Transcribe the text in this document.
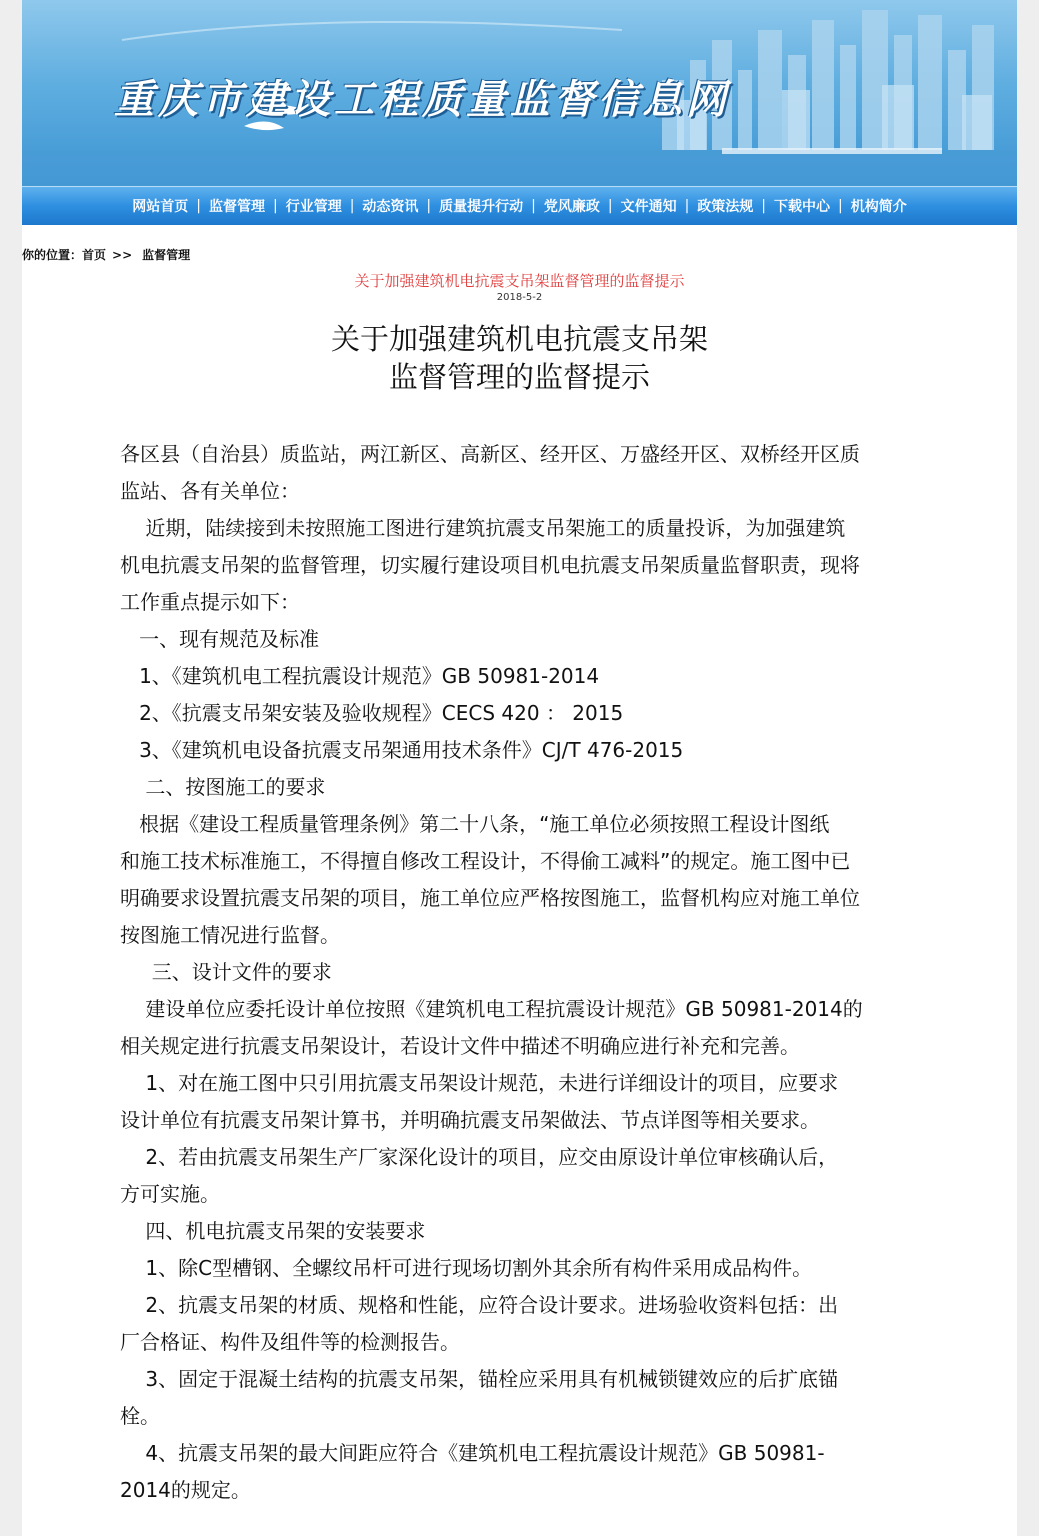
重庆市建设工程质量监督信息网
网站首页 | 监督管理 | 行业管理 | 动态资讯 | 质量提升行动 | 党风廉政 | 文件通知 | 政策法规 | 下载中心 | 机构简介
你的位置：首页 >> 监督管理
关于加强建筑机电抗震支吊架监督管理的监督提示
2018-5-2
关于加强建筑机电抗震支吊架
监督管理的监督提示
各区县（自治县）质监站，两江新区、高新区、经开区、万盛经开区、双桥经开区质
监站、各有关单位：
近期，陆续接到未按照施工图进行建筑抗震支吊架施工的质量投诉，为加强建筑
机电抗震支吊架的监督管理，切实履行建设项目机电抗震支吊架质量监督职责，现将
工作重点提示如下：
一、现有规范及标准
1、《建筑机电工程抗震设计规范》GB 50981-2014
2、《抗震支吊架安装及验收规程》CECS 420 ： 2015
3、《建筑机电设备抗震支吊架通用技术条件》CJ/T 476-2015
二、按图施工的要求
根据《建设工程质量管理条例》第二十八条，“施工单位必须按照工程设计图纸
和施工技术标准施工，不得擅自修改工程设计，不得偷工减料”的规定。施工图中已
明确要求设置抗震支吊架的项目，施工单位应严格按图施工，监督机构应对施工单位
按图施工情况进行监督。
三、设计文件的要求
建设单位应委托设计单位按照《建筑机电工程抗震设计规范》GB 50981-2014的
相关规定进行抗震支吊架设计，若设计文件中描述不明确应进行补充和完善。
1、对在施工图中只引用抗震支吊架设计规范，未进行详细设计的项目，应要求
设计单位有抗震支吊架计算书，并明确抗震支吊架做法、节点详图等相关要求。
2、若由抗震支吊架生产厂家深化设计的项目，应交由原设计单位审核确认后，
方可实施。
四、机电抗震支吊架的安装要求
1、除C型槽钢、全螺纹吊杆可进行现场切割外其余所有构件采用成品构件。
2、抗震支吊架的材质、规格和性能，应符合设计要求。进场验收资料包括：出
厂合格证、构件及组件等的检测报告。
3、固定于混凝土结构的抗震支吊架，锚栓应采用具有机械锁键效应的后扩底锚
栓。
4、抗震支吊架的最大间距应符合《建筑机电工程抗震设计规范》GB 50981-
2014的规定。
